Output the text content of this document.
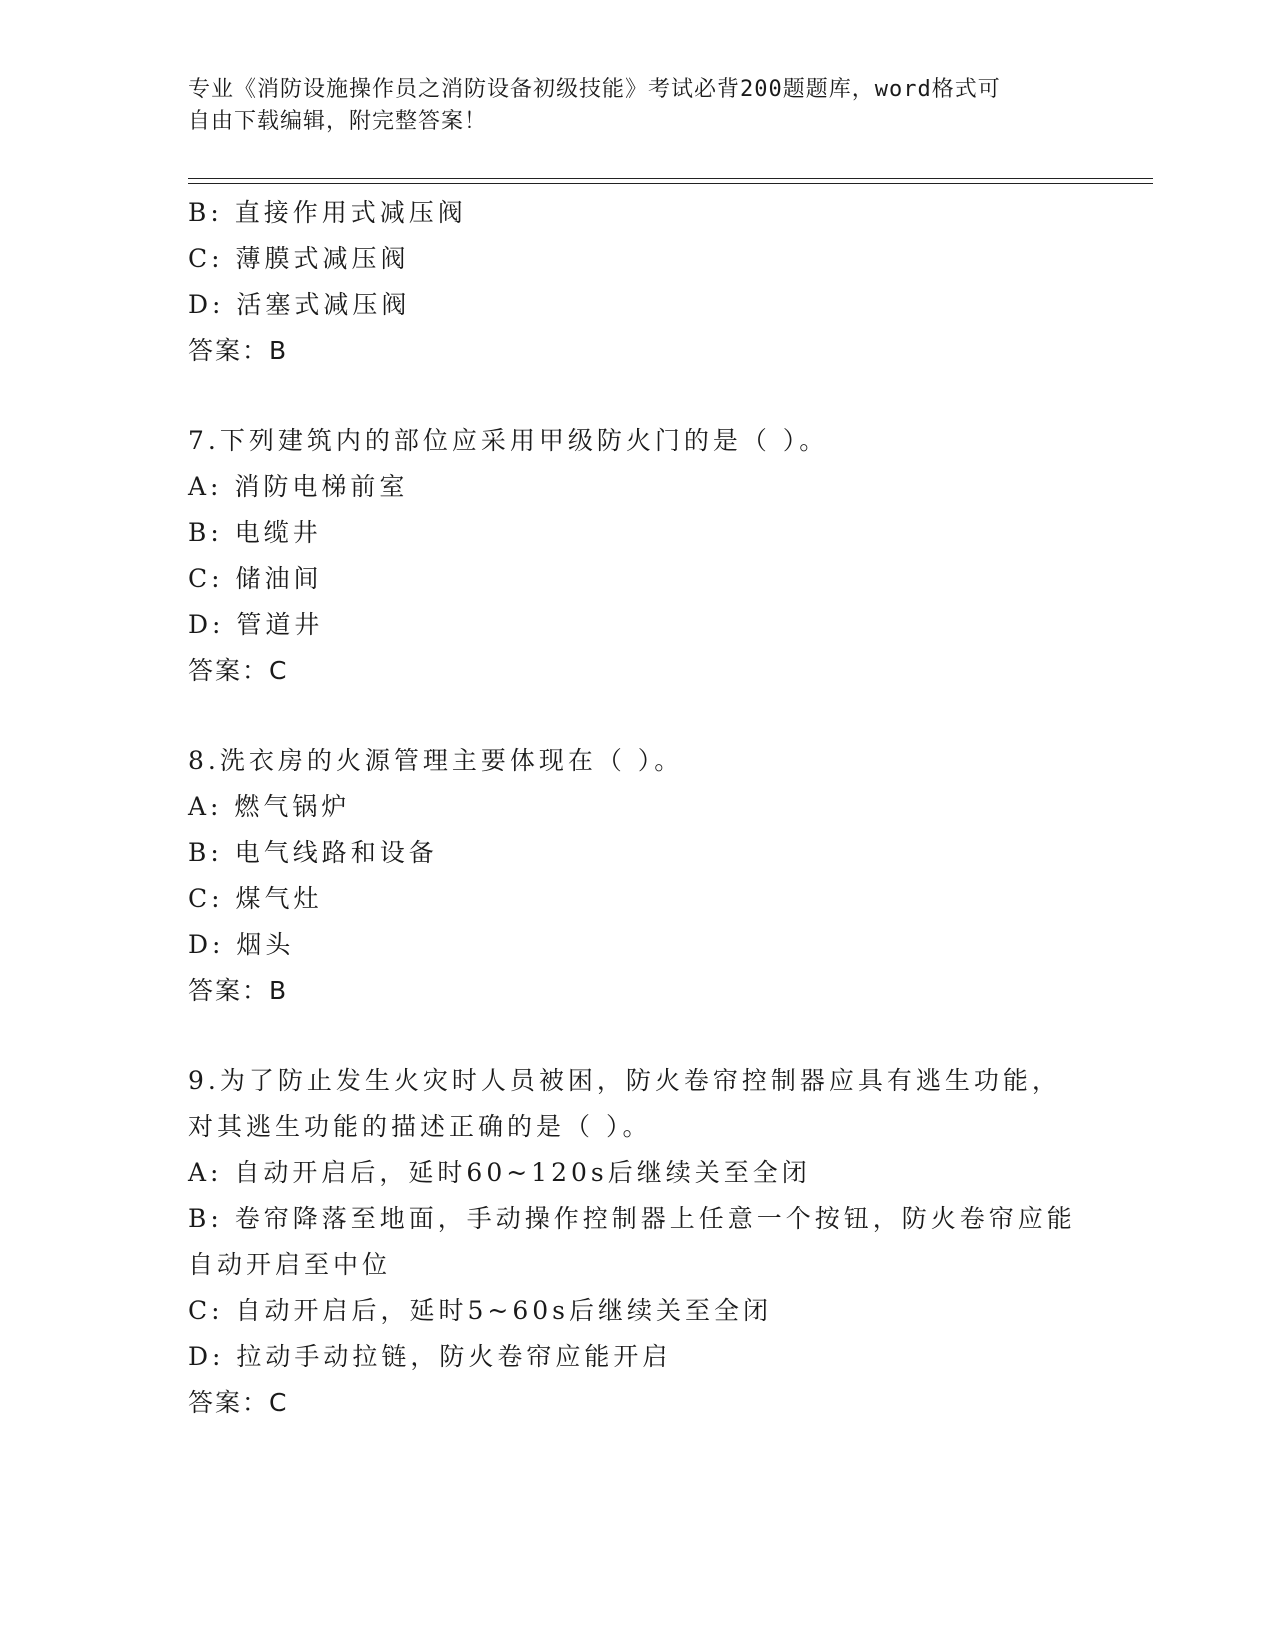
专业《消防设施操作员之消防设备初级技能》考试必背200题题库，word格式可
自由下载编辑，附完整答案！
B: 直接作用式减压阀
C: 薄膜式减压阀
D: 活塞式减压阀
答案：B
7.下列建筑内的部位应采用甲级防火门的是（ ）。
A: 消防电梯前室
B: 电缆井
C: 储油间
D: 管道井
答案：C
8.洗衣房的火源管理主要体现在（ ）。
A: 燃气锅炉
B: 电气线路和设备
C: 煤气灶
D: 烟头
答案：B
9.为了防止发生火灾时人员被困，防火卷帘控制器应具有逃生功能，
对其逃生功能的描述正确的是（ ）。
A: 自动开启后，延时60~120s后继续关至全闭
B: 卷帘降落至地面，手动操作控制器上任意一个按钮，防火卷帘应能
自动开启至中位
C: 自动开启后，延时5~60s后继续关至全闭
D: 拉动手动拉链，防火卷帘应能开启
答案：C
